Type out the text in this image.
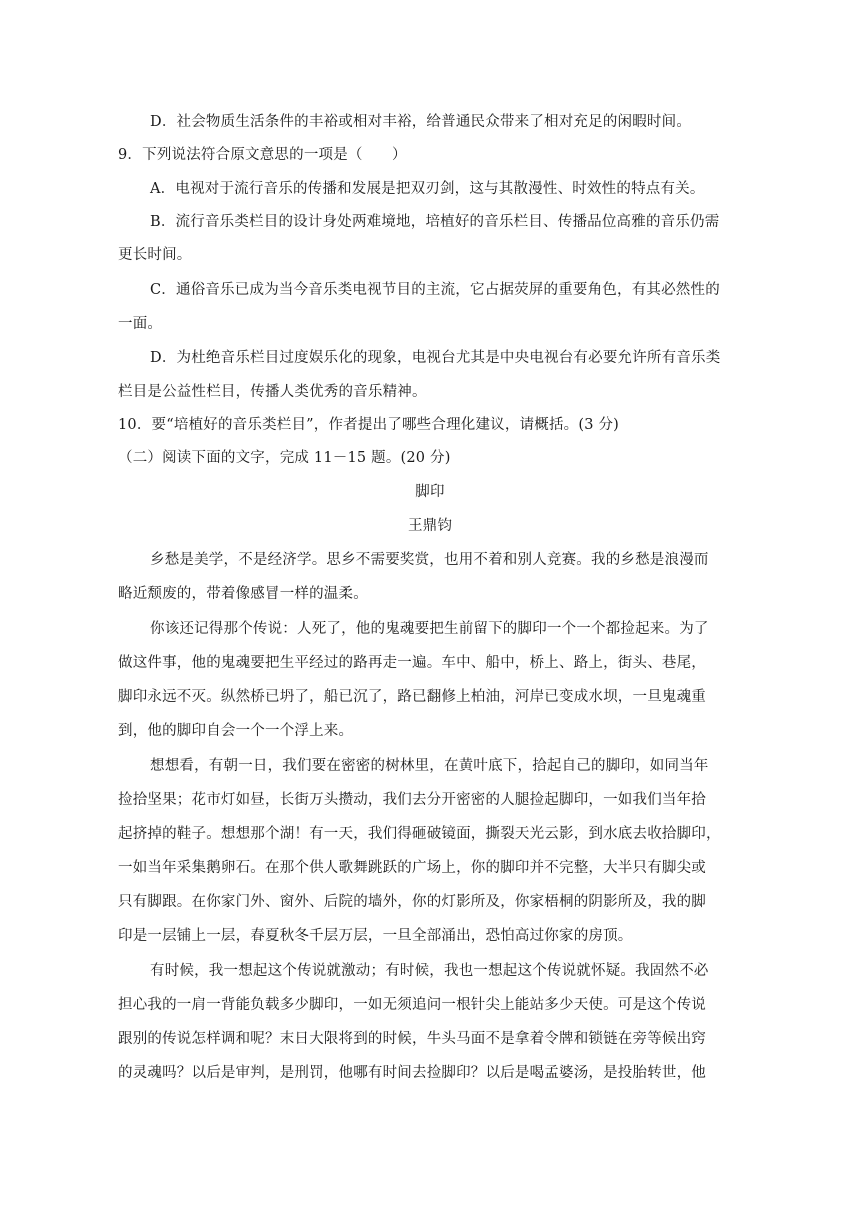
D．社会物质生活条件的丰裕或相对丰裕，给普通民众带来了相对充足的闲暇时间。
9．下列说法符合原文意思的一项是（　　）
A．电视对于流行音乐的传播和发展是把双刃剑，这与其散漫性、时效性的特点有关。
B．流行音乐类栏目的设计身处两难境地，培植好的音乐栏目、传播品位高雅的音乐仍需
更长时间。
C．通俗音乐已成为当今音乐类电视节目的主流，它占据荧屏的重要角色，有其必然性的
一面。
D．为杜绝音乐栏目过度娱乐化的现象，电视台尤其是中央电视台有必要允许所有音乐类
栏目是公益性栏目，传播人类优秀的音乐精神。
10．要“培植好的音乐类栏目”，作者提出了哪些合理化建议，请概括。(3 分)
（二）阅读下面的文字，完成 11－15 题。(20 分)
脚印
王鼎钧
乡愁是美学，不是经济学。思乡不需要奖赏，也用不着和别人竞赛。我的乡愁是浪漫而
略近颓废的，带着像感冒一样的温柔。
你该还记得那个传说：人死了，他的鬼魂要把生前留下的脚印一个一个都捡起来。为了
做这件事，他的鬼魂要把生平经过的路再走一遍。车中、船中，桥上、路上，街头、巷尾，
脚印永远不灭。纵然桥已坍了，船已沉了，路已翻修上柏油，河岸已变成水坝，一旦鬼魂重
到，他的脚印自会一个一个浮上来。
想想看，有朝一日，我们要在密密的树林里，在黄叶底下，拾起自己的脚印，如同当年
捡拾坚果；花市灯如昼，长街万头攒动，我们去分开密密的人腿捡起脚印，一如我们当年拾
起挤掉的鞋子。想想那个湖！有一天，我们得砸破镜面，撕裂天光云影，到水底去收拾脚印，
一如当年采集鹅卵石。在那个供人歌舞跳跃的广场上，你的脚印并不完整，大半只有脚尖或
只有脚跟。在你家门外、窗外、后院的墙外，你的灯影所及，你家梧桐的阴影所及，我的脚
印是一层铺上一层，春夏秋冬千层万层，一旦全部涌出，恐怕高过你家的房顶。
有时候，我一想起这个传说就激动；有时候，我也一想起这个传说就怀疑。我固然不必
担心我的一肩一背能负载多少脚印，一如无须追问一根针尖上能站多少天使。可是这个传说
跟别的传说怎样调和呢？末日大限将到的时候，牛头马面不是拿着令牌和锁链在旁等候出窍
的灵魂吗？以后是审判，是刑罚，他哪有时间去捡脚印？以后是喝孟婆汤，是投胎转世，他
